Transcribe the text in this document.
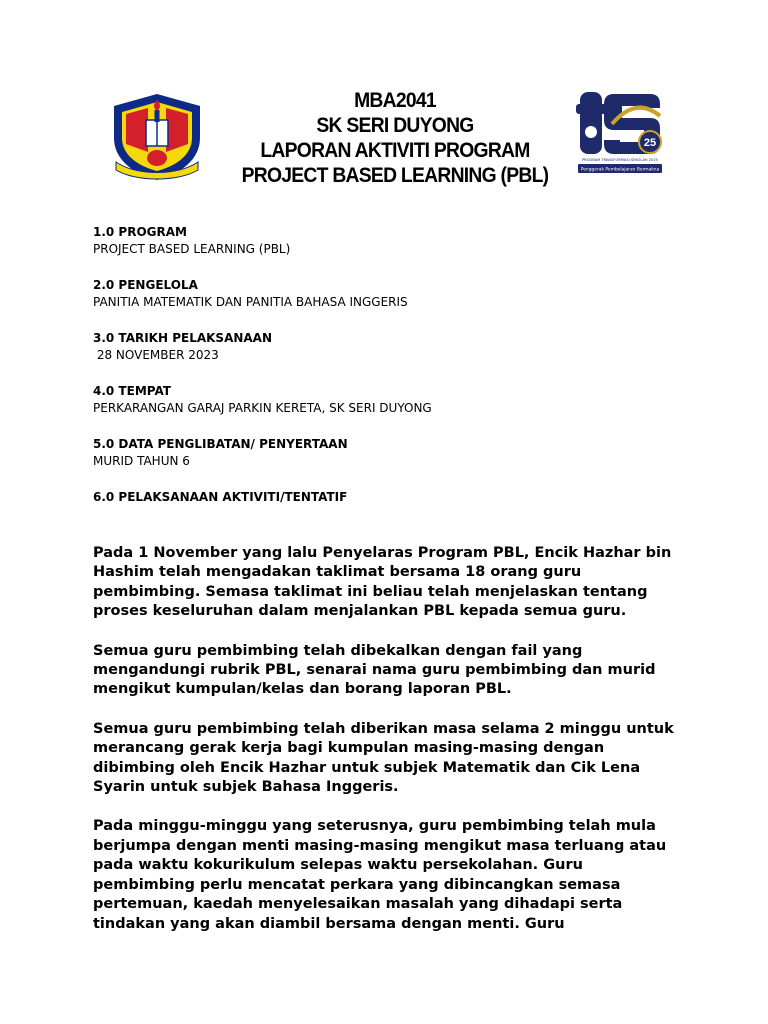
MBA2041
SK SERI DUYONG
LAPORAN AKTIVITI PROGRAM
PROJECT BASED LEARNING (PBL)
25
PROGRAM TRANSFORMASI SEKOLAH 2025
Penggerak Pembelajaran Bermakna
1.0 PROGRAM
PROJECT BASED LEARNING (PBL)
2.0 PENGELOLA
PANITIA MATEMATIK DAN PANITIA BAHASA INGGERIS
3.0 TARIKH PELAKSANAAN
28 NOVEMBER 2023
4.0 TEMPAT
PERKARANGAN GARAJ PARKIN KERETA, SK SERI DUYONG
5.0 DATA PENGLIBATAN/ PENYERTAAN
MURID TAHUN 6
6.0 PELAKSANAAN AKTIVITI/TENTATIF

Pada 1 November yang lalu Penyelaras Program PBL, Encik Hazhar bin Hashim telah mengadakan taklimat bersama 18 orang guru pembimbing. Semasa taklimat ini beliau telah menjelaskan tentang proses keseluruhan dalam menjalankan PBL kepada semua guru.

Semua guru pembimbing telah dibekalkan dengan fail yang mengandungi rubrik PBL, senarai nama guru pembimbing dan murid mengikut kumpulan/kelas dan borang laporan PBL.

Semua guru pembimbing telah diberikan masa selama 2 minggu untuk merancang gerak kerja bagi kumpulan masing-masing dengan dibimbing oleh Encik Hazhar untuk subjek Matematik dan Cik Lena Syarin untuk subjek Bahasa Inggeris.

Pada minggu-minggu yang seterusnya, guru pembimbing telah mula berjumpa dengan menti masing-masing mengikut masa terluang atau pada waktu kokurikulum selepas waktu persekolahan. Guru pembimbing perlu mencatat perkara yang dibincangkan semasa pertemuan, kaedah menyelesaikan masalah yang dihadapi serta tindakan yang akan diambil bersama dengan menti. Guru
